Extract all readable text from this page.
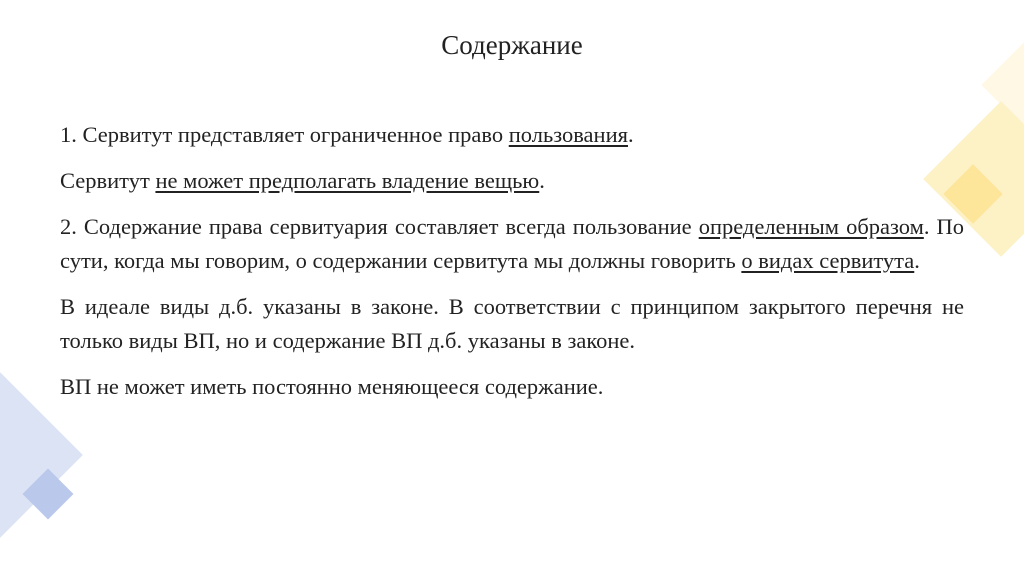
Содержание

1. Сервитут представляет ограниченное право пользования.

Сервитут не может предполагать владение вещью.

2. Содержание права сервитуария составляет всегда пользование определенным образом. По сути, когда мы говорим, о содержании сервитута мы должны говорить о видах сервитута.

В идеале виды д.б. указаны в законе. В соответствии с принципом закрытого перечня не только виды ВП, но и содержание ВП д.б. указаны в законе.

ВП не может иметь постоянно меняющееся содержание.
